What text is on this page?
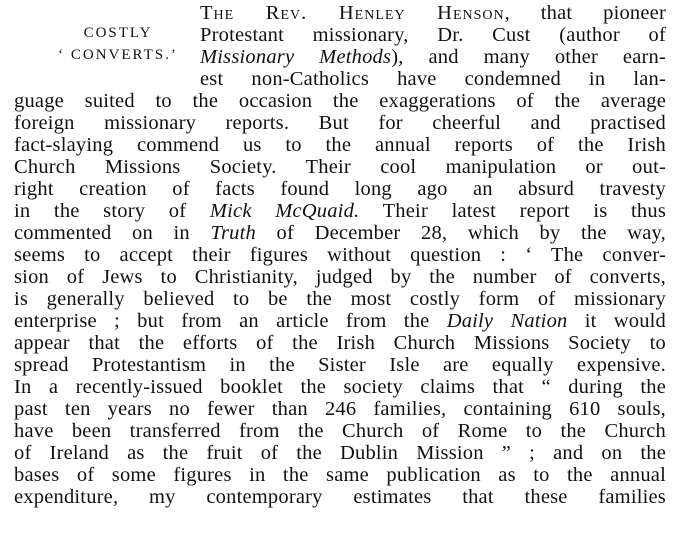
COSTLY
‘ CONVERTS.’
The Rev. Henley Henson, that pioneer
Protestant missionary, Dr. Cust (author of
Missionary Methods), and many other earn-
est non-Catholics have condemned in lan-
guage suited to the occasion the exaggerations of the average
foreign missionary reports. But for cheerful and practised
fact-slaying commend us to the annual reports of the Irish
Church Missions Society. Their cool manipulation or out-
right creation of facts found long ago an absurd travesty
in the story of Mick McQuaid. Their latest report is thus
commented on in Truth of December 28, which by the way,
seems to accept their figures without question : ‘ The conver-
sion of Jews to Christianity, judged by the number of converts,
is generally believed to be the most costly form of missionary
enterprise ; but from an article from the Daily Nation it would
appear that the efforts of the Irish Church Missions Society to
spread Protestantism in the Sister Isle are equally expensive.
In a recently-issued booklet the society claims that “ during the
past ten years no fewer than 246 families, containing 610 souls,
have been transferred from the Church of Rome to the Church
of Ireland as the fruit of the Dublin Mission ” ; and on the
bases of some figures in the same publication as to the annual
expenditure, my contemporary estimates that these families
